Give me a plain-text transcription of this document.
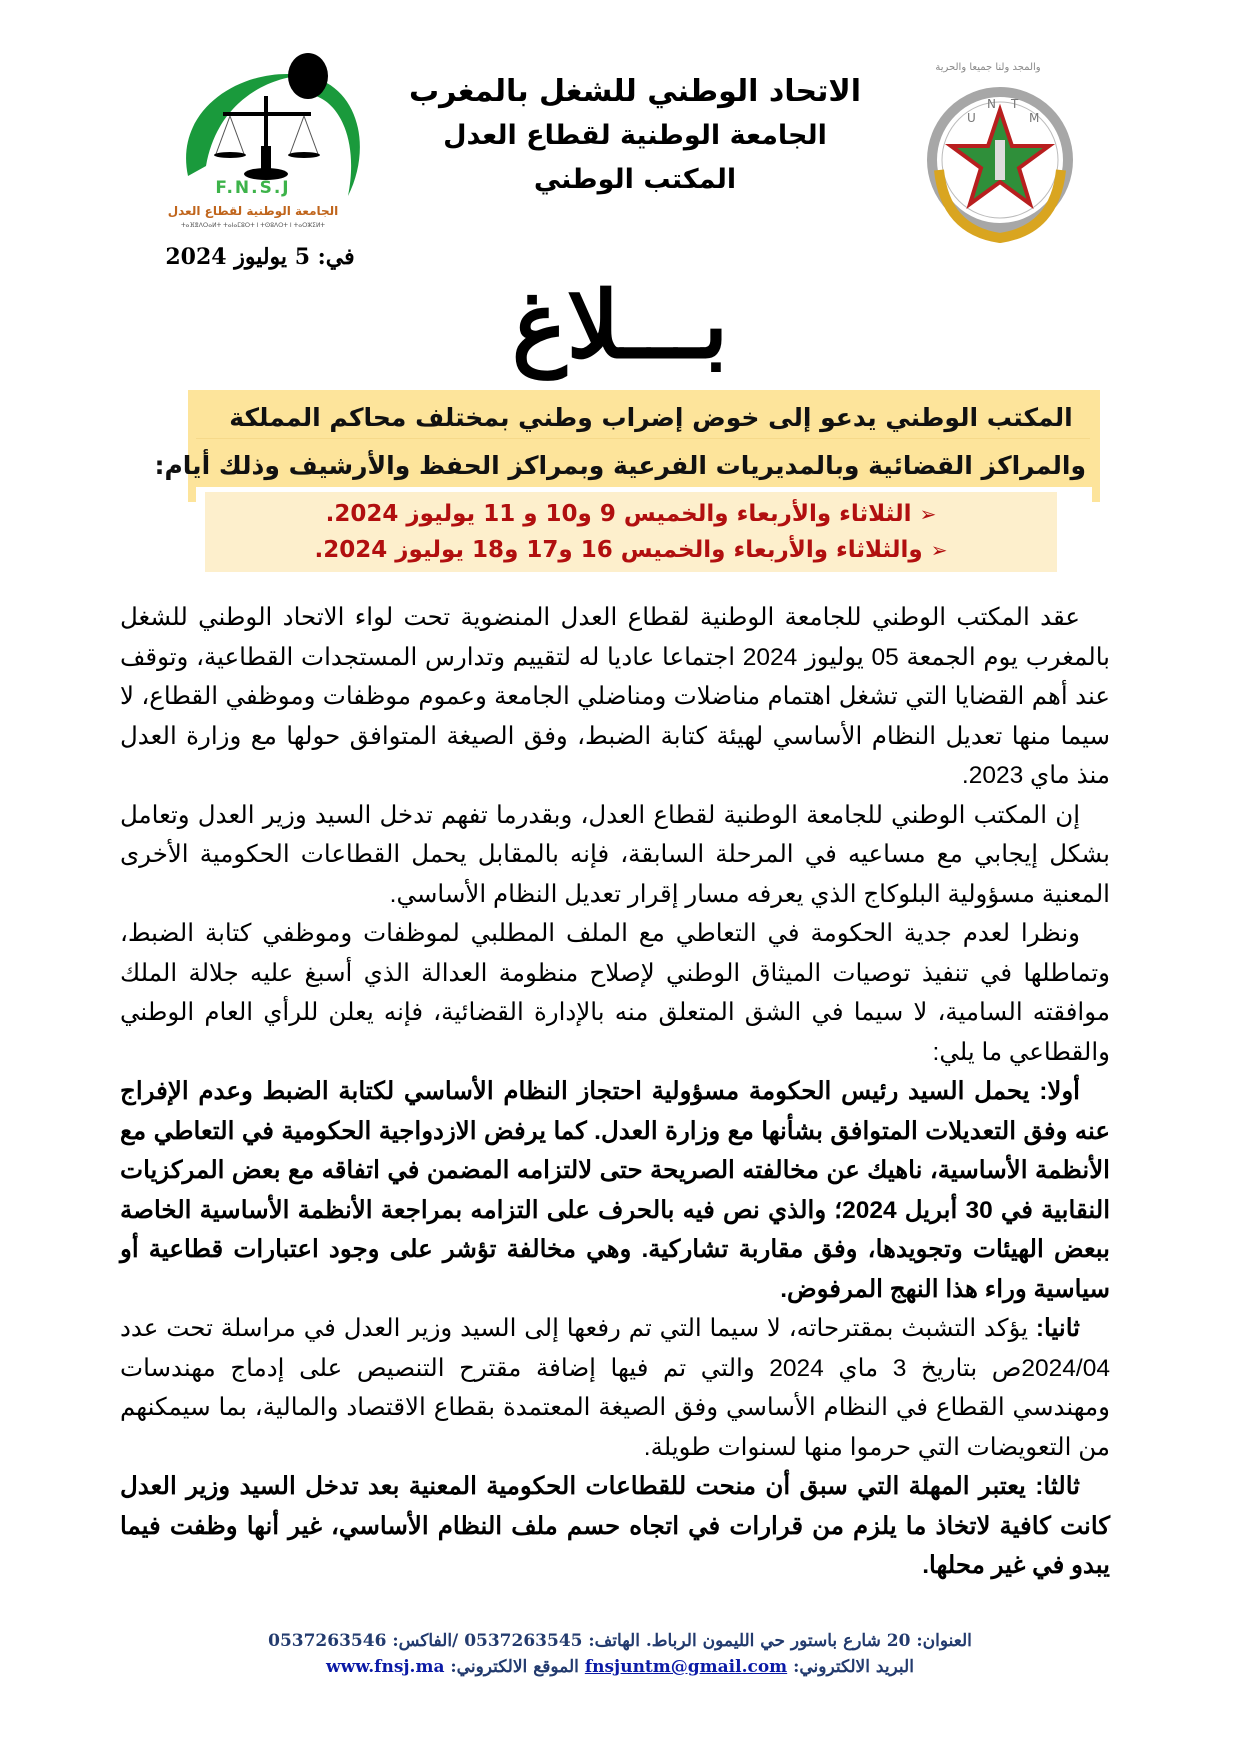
F.N.S.J
الجامعة الوطنية لقطاع العدل
ⵜⴰⴼⴻⴷⵔⴰⵍⵜ ⵜⴰⵏⴰⵎⵓⵔⵜ ⵏ ⵜⵙⵓⴷⵔⵜ ⵏ ⵜⴰⵔⵣⵉⵍⵜ
الاتحاد الوطني للشغل بالمغرب
الجامعة الوطنية لقطاع العدل
المكتب الوطني
والمجد ولنا جميعا والحرية
U
N T
M
في: 5 يوليوز 2024
بـــلاغ
المكتب الوطني يدعو إلى خوض إضراب وطني بمختلف محاكم المملكة
والمراكز القضائية وبالمديريات الفرعية وبمراكز الحفظ والأرشيف وذلك أيام:
➢الثلاثاء والأربعاء والخميس 9 و10 و 11 يوليوز 2024.
➢والثلاثاء والأربعاء والخميس 16 و17 و18 يوليوز 2024.

عقد المكتب الوطني للجامعة الوطنية لقطاع العدل المنضوية تحت لواء الاتحاد الوطني للشغل بالمغرب يوم الجمعة 05 يوليوز 2024 اجتماعا عاديا له لتقييم وتدارس المستجدات القطاعية، وتوقف عند أهم القضايا التي تشغل اهتمام مناضلات ومناضلي الجامعة وعموم موظفات وموظفي القطاع، لا سيما منها تعديل النظام الأساسي لهيئة كتابة الضبط، وفق الصيغة المتوافق حولها مع وزارة العدل منذ ماي 2023.

إن المكتب الوطني للجامعة الوطنية لقطاع العدل، وبقدرما تفهم تدخل السيد وزير العدل وتعامل بشكل إيجابي مع مساعيه في المرحلة السابقة، فإنه بالمقابل يحمل القطاعات الحكومية الأخرى المعنية مسؤولية البلوكاج الذي يعرفه مسار إقرار تعديل النظام الأساسي.

ونظرا لعدم جدية الحكومة في التعاطي مع الملف المطلبي لموظفات وموظفي كتابة الضبط، وتماطلها في تنفيذ توصيات الميثاق الوطني لإصلاح منظومة العدالة الذي أسبغ عليه جلالة الملك موافقته السامية، لا سيما في الشق المتعلق منه بالإدارة القضائية، فإنه يعلن للرأي العام الوطني والقطاعي ما يلي:

أولا: يحمل السيد رئيس الحكومة مسؤولية احتجاز النظام الأساسي لكتابة الضبط وعدم الإفراج عنه وفق التعديلات المتوافق بشأنها مع وزارة العدل. كما يرفض الازدواجية الحكومية في التعاطي مع الأنظمة الأساسية، ناهيك عن مخالفته الصريحة حتى لالتزامه المضمن في اتفاقه مع بعض المركزيات النقابية في 30 أبريل 2024؛ والذي نص فيه بالحرف على التزامه بمراجعة الأنظمة الأساسية الخاصة ببعض الهيئات وتجويدها، وفق مقاربة تشاركية. وهي مخالفة تؤشر على وجود اعتبارات قطاعية أو سياسية وراء هذا النهج المرفوض.

ثانيا: يؤكد التشبث بمقترحاته، لا سيما التي تم رفعها إلى السيد وزير العدل في مراسلة تحت عدد 2024/04ص بتاريخ 3 ماي 2024 والتي تم فيها إضافة مقترح التنصيص على إدماج مهندسات ومهندسي القطاع في النظام الأساسي وفق الصيغة المعتمدة بقطاع الاقتصاد والمالية، بما سيمكنهم من التعويضات التي حرموا منها لسنوات طويلة.

ثالثا: يعتبر المهلة التي سبق أن منحت للقطاعات الحكومية المعنية بعد تدخل السيد وزير العدل كانت كافية لاتخاذ ما يلزم من قرارات في اتجاه حسم ملف النظام الأساسي، غير أنها وظفت فيما يبدو في غير محلها.

العنوان: 20 شارع باستور حي الليمون الرباط. الهاتف: 0537263545 /الفاكس: 0537263546
البريد الالكتروني: fnsjuntm@gmail.com الموقع الالكتروني: www.fnsj.ma
